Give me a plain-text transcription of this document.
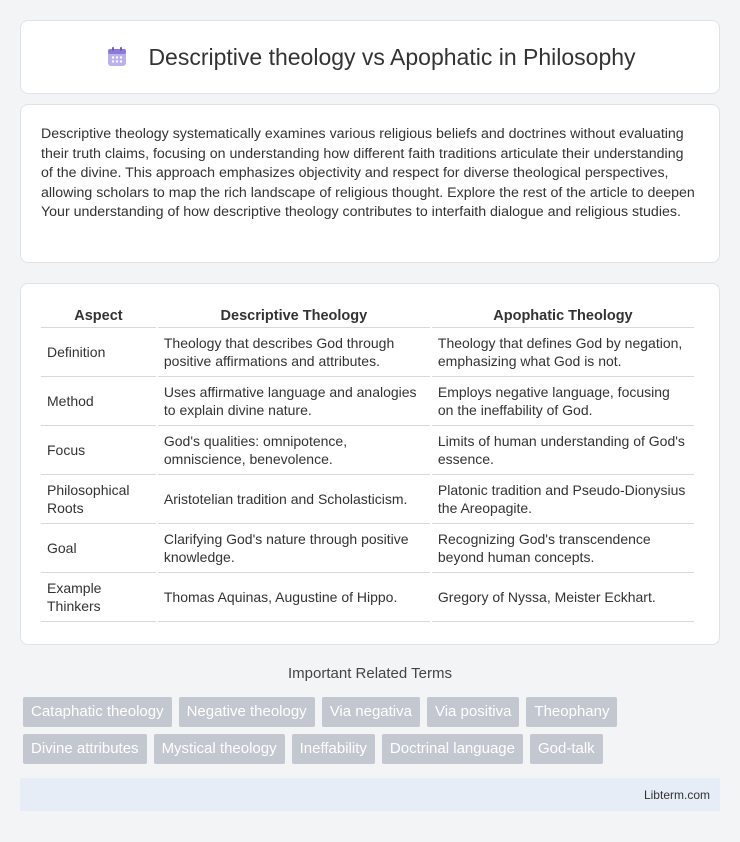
Descriptive theology vs Apophatic in Philosophy

Descriptive theology systematically examines various religious beliefs and doctrines without evaluating their truth claims, focusing on understanding how different faith traditions articulate their understanding of the divine. This approach emphasizes objectivity and respect for diverse theological perspectives, allowing scholars to map the rich landscape of religious thought. Explore the rest of the article to deepen Your understanding of how descriptive theology contributes to interfaith dialogue and religious studies.

Aspect	Descriptive Theology	Apophatic Theology
Definition	Theology that describes God through positive affirmations and attributes.	Theology that defines God by negation, emphasizing what God is not.
Method	Uses affirmative language and analogies to explain divine nature.	Employs negative language, focusing on the ineffability of God.
Focus	God's qualities: omnipotence, omniscience, benevolence.	Limits of human understanding of God's essence.
Philosophical Roots	Aristotelian tradition and Scholasticism.	Platonic tradition and Pseudo-Dionysius the Areopagite.
Goal	Clarifying God's nature through positive knowledge.	Recognizing God's transcendence beyond human concepts.
Example Thinkers	Thomas Aquinas, Augustine of Hippo.	Gregory of Nyssa, Meister Eckhart.
Important Related Terms
Cataphatic theology	Negative theology	Via negativa	Via positiva	Theophany
Divine attributes	Mystical theology	Ineffability	Doctrinal language	God-talk
Libterm.com
